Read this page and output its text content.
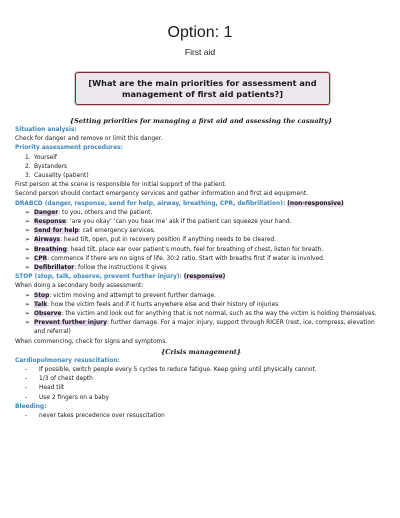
Option: 1
First aid
[What are the main priorities for assessment and management of first aid patients?]
{Setting priorities for managing a first aid and assessing the casualty}
Situation analysis:
Check for danger and remove or limit this danger.
Priority assessment procedures:
1. Yourself
2. Bystanders
3. Causality (patient)
First person at the scene is responsible for initial support of the patient.
Second person should contact emergency services and gather information and first aid equipment.
DRABCD (danger, response, send for help, airway, breathing, CPR, defibrillation): (non-responsive)
➢ Danger: to you, others and the patient.
➢ Response: ‘are you okay’ ‘can you hear me’ ask if the patient can squeeze your hand.
➢ Send for help: call emergency services.
➢ Airways: head tilt, open, put in recovery position if anything needs to be cleared.
➢ Breathing: head tilt, place ear over patient’s mouth, feel for breathing of chest, listen for breath.
➢ CPR: commence if there are no signs of life. 30:2 ratio. Start with breaths first if water is involved.
➢ Defibrillator: follow the instructions it gives
STOP (stop, talk, observe, prevent further injury): (responsive)
When doing a secondary body assessment:
➢ Stop: victim moving and attempt to prevent further damage.
➢ Talk: how the victim feels and if it hurts anywhere else and their history of injuries
➢ Observe: the victim and look out for anything that is not normal, such as the way the victim is holding themselves.
➢ Prevent further injury: further damage. For a major injury, support through RICER (rest, ice, compress, elevation and referral)
When commencing, check for signs and symptoms.
{Crisis management}
Cardiopulmonary resuscitation:
-	If possible, switch people every 5 cycles to reduce fatigue. Keep going until physically cannot.
-	1/3 of chest depth
-	Head tilt
-	Use 2 fingers on a baby
Bleeding:
-	never takes precedence over resuscitation
